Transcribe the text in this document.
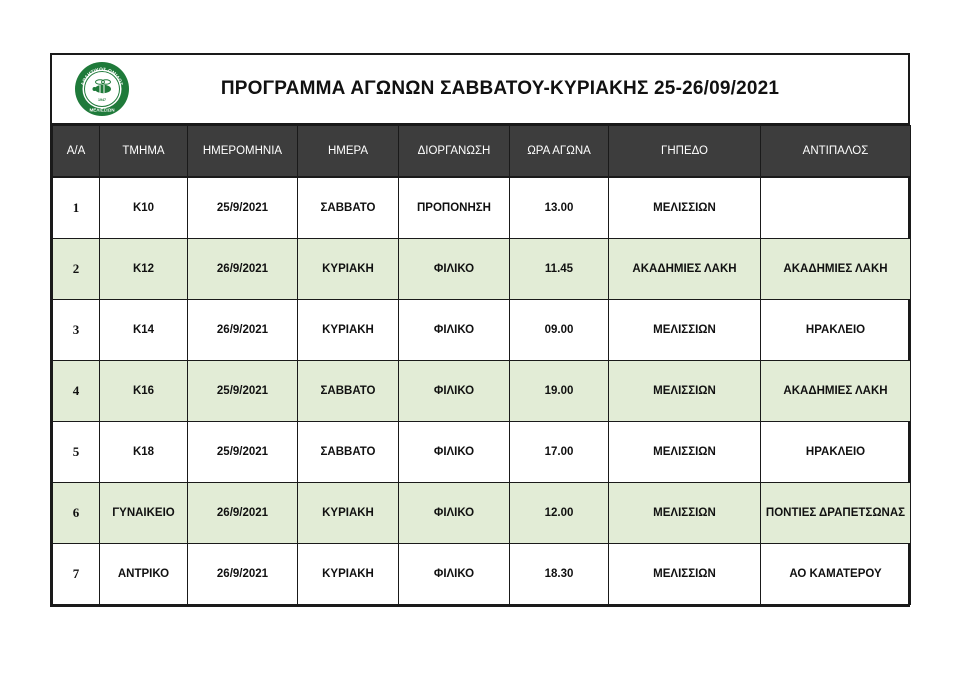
ΑΘΛΗΤΙΚΟΣ ΟΜΙΛΟΣ
1947
ΜΕΛΙΣΣΙΩΝ
ΠΡΟΓΡΑΜΜΑ ΑΓΩΝΩΝ ΣΑΒΒΑΤΟΥ-ΚΥΡΙΑΚΗΣ 25-26/09/2021
Α/Α	ΤΜΗΜΑ	ΗΜΕΡΟΜΗΝΙΑ	ΗΜΕΡΑ	ΔΙΟΡΓΑΝΩΣΗ	ΩΡΑ ΑΓΩΝΑ	ΓΗΠΕΔΟ	ΑΝΤΙΠΑΛΟΣ
1	Κ10	25/9/2021	ΣΑΒΒΑΤΟ	ΠΡΟΠΟΝΗΣΗ	13.00	ΜΕΛΙΣΣΙΩΝ	
2	Κ12	26/9/2021	ΚΥΡΙΑΚΗ	ΦΙΛΙΚΟ	11.45	ΑΚΑΔΗΜΙΕΣ ΛΑΚΗ	ΑΚΑΔΗΜΙΕΣ ΛΑΚΗ
3	Κ14	26/9/2021	ΚΥΡΙΑΚΗ	ΦΙΛΙΚΟ	09.00	ΜΕΛΙΣΣΙΩΝ	ΗΡΑΚΛΕΙΟ
4	Κ16	25/9/2021	ΣΑΒΒΑΤΟ	ΦΙΛΙΚΟ	19.00	ΜΕΛΙΣΣΙΩΝ	ΑΚΑΔΗΜΙΕΣ ΛΑΚΗ
5	Κ18	25/9/2021	ΣΑΒΒΑΤΟ	ΦΙΛΙΚΟ	17.00	ΜΕΛΙΣΣΙΩΝ	ΗΡΑΚΛΕΙΟ
6	ΓΥΝΑΙΚΕΙΟ	26/9/2021	ΚΥΡΙΑΚΗ	ΦΙΛΙΚΟ	12.00	ΜΕΛΙΣΣΙΩΝ	ΠΟΝΤΙΕΣ ΔΡΑΠΕΤΣΩΝΑΣ
7	ΑΝΤΡΙΚΟ	26/9/2021	ΚΥΡΙΑΚΗ	ΦΙΛΙΚΟ	18.30	ΜΕΛΙΣΣΙΩΝ	ΑΟ ΚΑΜΑΤΕΡΟΥ
